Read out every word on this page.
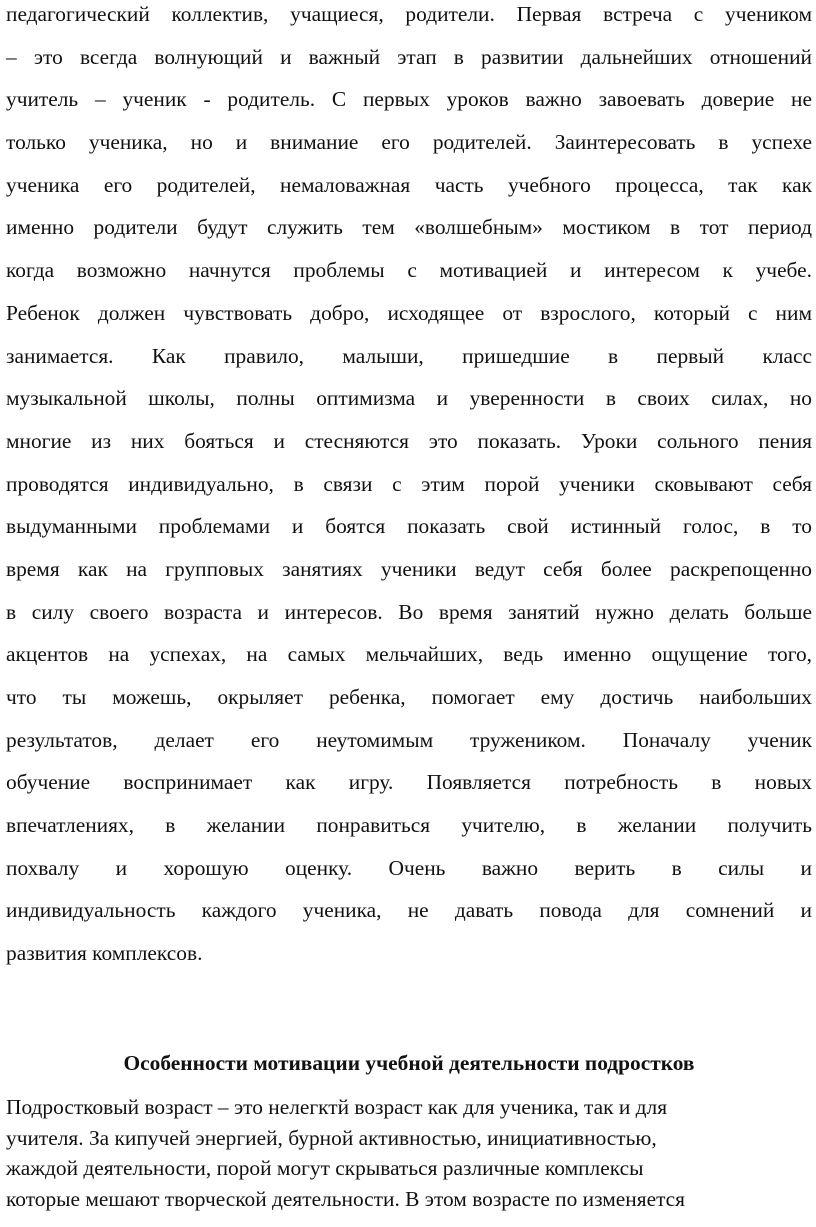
педагогический коллектив, учащиеся, родители. Первая встреча с учеником
– это всегда волнующий и важный этап в развитии дальнейших отношений
учитель – ученик - родитель. С первых уроков важно завоевать доверие не
только ученика, но и внимание его родителей. Заинтересовать в успехе
ученика его родителей, немаловажная часть учебного процесса, так как
именно родители будут служить тем «волшебным» мостиком в тот период
когда возможно начнутся проблемы с мотивацией и интересом к учебе.
Ребенок должен чувствовать добро, исходящее от взрослого, который с ним
занимается. Как правило, малыши, пришедшие в первый класс
музыкальной школы, полны оптимизма и уверенности в своих силах, но
многие из них бояться и стесняются это показать. Уроки сольного пения
проводятся индивидуально, в связи с этим порой ученики сковывают себя
выдуманными проблемами и боятся показать свой истинный голос, в то
время как на групповых занятиях ученики ведут себя более раскрепощенно
в силу своего возраста и интересов. Во время занятий нужно делать больше
акцентов на успехах, на самых мельчайших, ведь именно ощущение того,
что ты можешь, окрыляет ребенка, помогает ему достичь наибольших
результатов, делает его неутомимым тружеником. Поначалу ученик
обучение воспринимает как игру. Появляется потребность в новых
впечатлениях, в желании понравиться учителю, в желании получить
похвалу и хорошую оценку. Очень важно верить в силы и
индивидуальность каждого ученика, не давать повода для сомнений и
развития комплексов.
Особенности мотивации учебной деятельности подростков
Подростковый возраст – это нелегктй возраст как для ученика, так и для
учителя. За кипучей энергией, бурной активностью, инициативностью,
жаждой деятельности, порой могут скрываться различные комплексы
которые мешают творческой деятельности. В этом возрасте по изменяется
